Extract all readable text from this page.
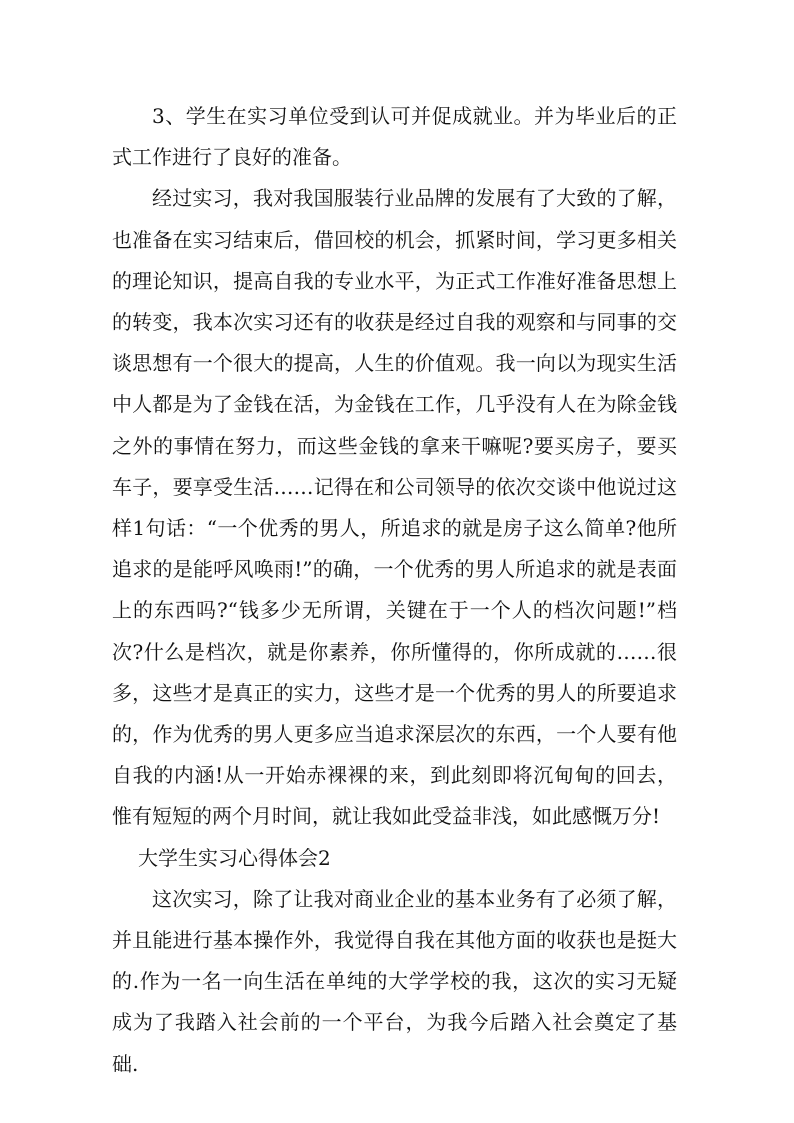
3、学生在实习单位受到认可并促成就业。并为毕业后的正式工作进行了良好的准备。

经过实习，我对我国服装行业品牌的发展有了大致的了解，也准备在实习结束后，借回校的机会，抓紧时间，学习更多相关的理论知识，提高自我的专业水平，为正式工作准好准备思想上的转变，我本次实习还有的收获是经过自我的观察和与同事的交谈思想有一个很大的提高，人生的价值观。我一向以为现实生活中人都是为了金钱在活，为金钱在工作，几乎没有人在为除金钱之外的事情在努力，而这些金钱的拿来干嘛呢?要买房子，要买车子，要享受生活……记得在和公司领导的依次交谈中他说过这样1句话：“一个优秀的男人，所追求的就是房子这么简单?他所追求的是能呼风唤雨!”的确，一个优秀的男人所追求的就是表面上的东西吗?“钱多少无所谓，关键在于一个人的档次问题!”档次?什么是档次，就是你素养，你所懂得的，你所成就的……很多，这些才是真正的实力，这些才是一个优秀的男人的所要追求的，作为优秀的男人更多应当追求深层次的东西，一个人要有他自我的内涵!从一开始赤裸裸的来，到此刻即将沉甸甸的回去，惟有短短的两个月时间，就让我如此受益非浅，如此感慨万分!

大学生实习心得体会2

这次实习，除了让我对商业企业的基本业务有了必须了解，并且能进行基本操作外，我觉得自我在其他方面的收获也是挺大的.作为一名一向生活在单纯的大学学校的我，这次的实习无疑成为了我踏入社会前的一个平台，为我今后踏入社会奠定了基础.
